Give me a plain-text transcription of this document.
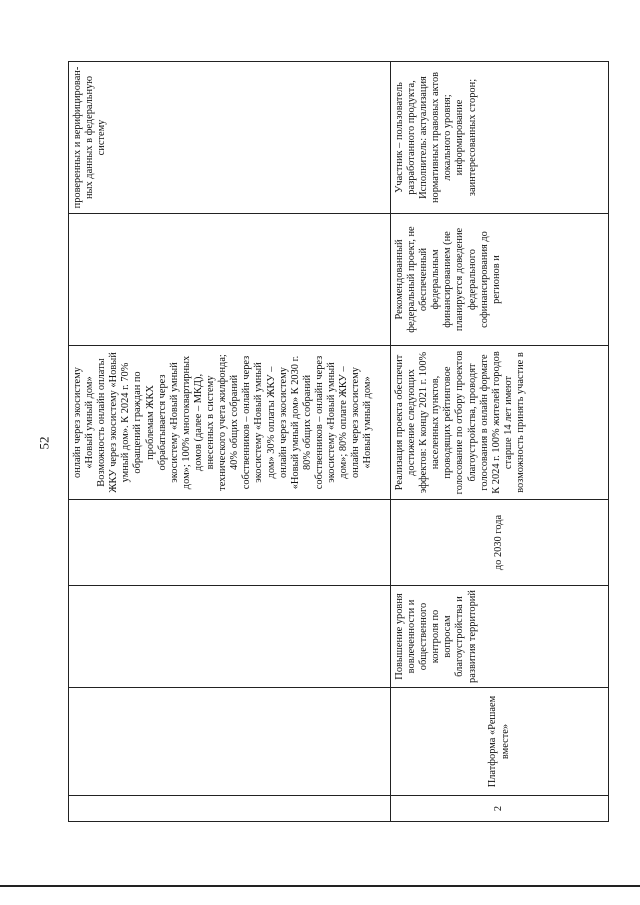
52
				онлайн через экосистему «Новый умный дом» Возможность онлайн оплаты ЖКУ через экосистему «Новый умный дом». К 2024 г. 70% обращений граждан по проблемам ЖКХ обрабатывается через экосистему «Новый умный дом»; 100% многоквартирных домов (далее – МКД), внесенных в систему технического учета жилфонда; 40% общих собраний собственников – онлайн через экосистему «Новый умный дом» 30% оплаты ЖКУ – онлайн через экосистему «Новый умный дом» К 2030 г. 80% общих собраний собственников – онлайн через экосистему «Новый умный дом»; 80% оплате ЖКУ – онлайн через экосистему «Новый умный дом»		проверенных и верифицирован-ных данных в федеральную систему
2	Платформа «Решаем вместе»	Повышение уровня вовлеченности и общественного контроля по вопросам благоустройства и развития территорий	до 2030 года	Реализация проекта обеспечит достижение следующих эффектов: К концу 2021 г. 100% населенных пунктов, проводящих рейтинговое голосование по отбору проектов благоустройства, проводят голосования в онлайн формате К 2024 г. 100% жителей городов старше 14 лет имеют возможность принять участие в	Рекомендованный федеральный проект, не обеспеченный федеральным финансированием (не планируется доведение федерального софинансирования до регионов и	Участник – пользователь разработанного продукта, Исполнитель: актуализация нормативных правовых актов локального уровня; информирование заинтересованных сторон;
